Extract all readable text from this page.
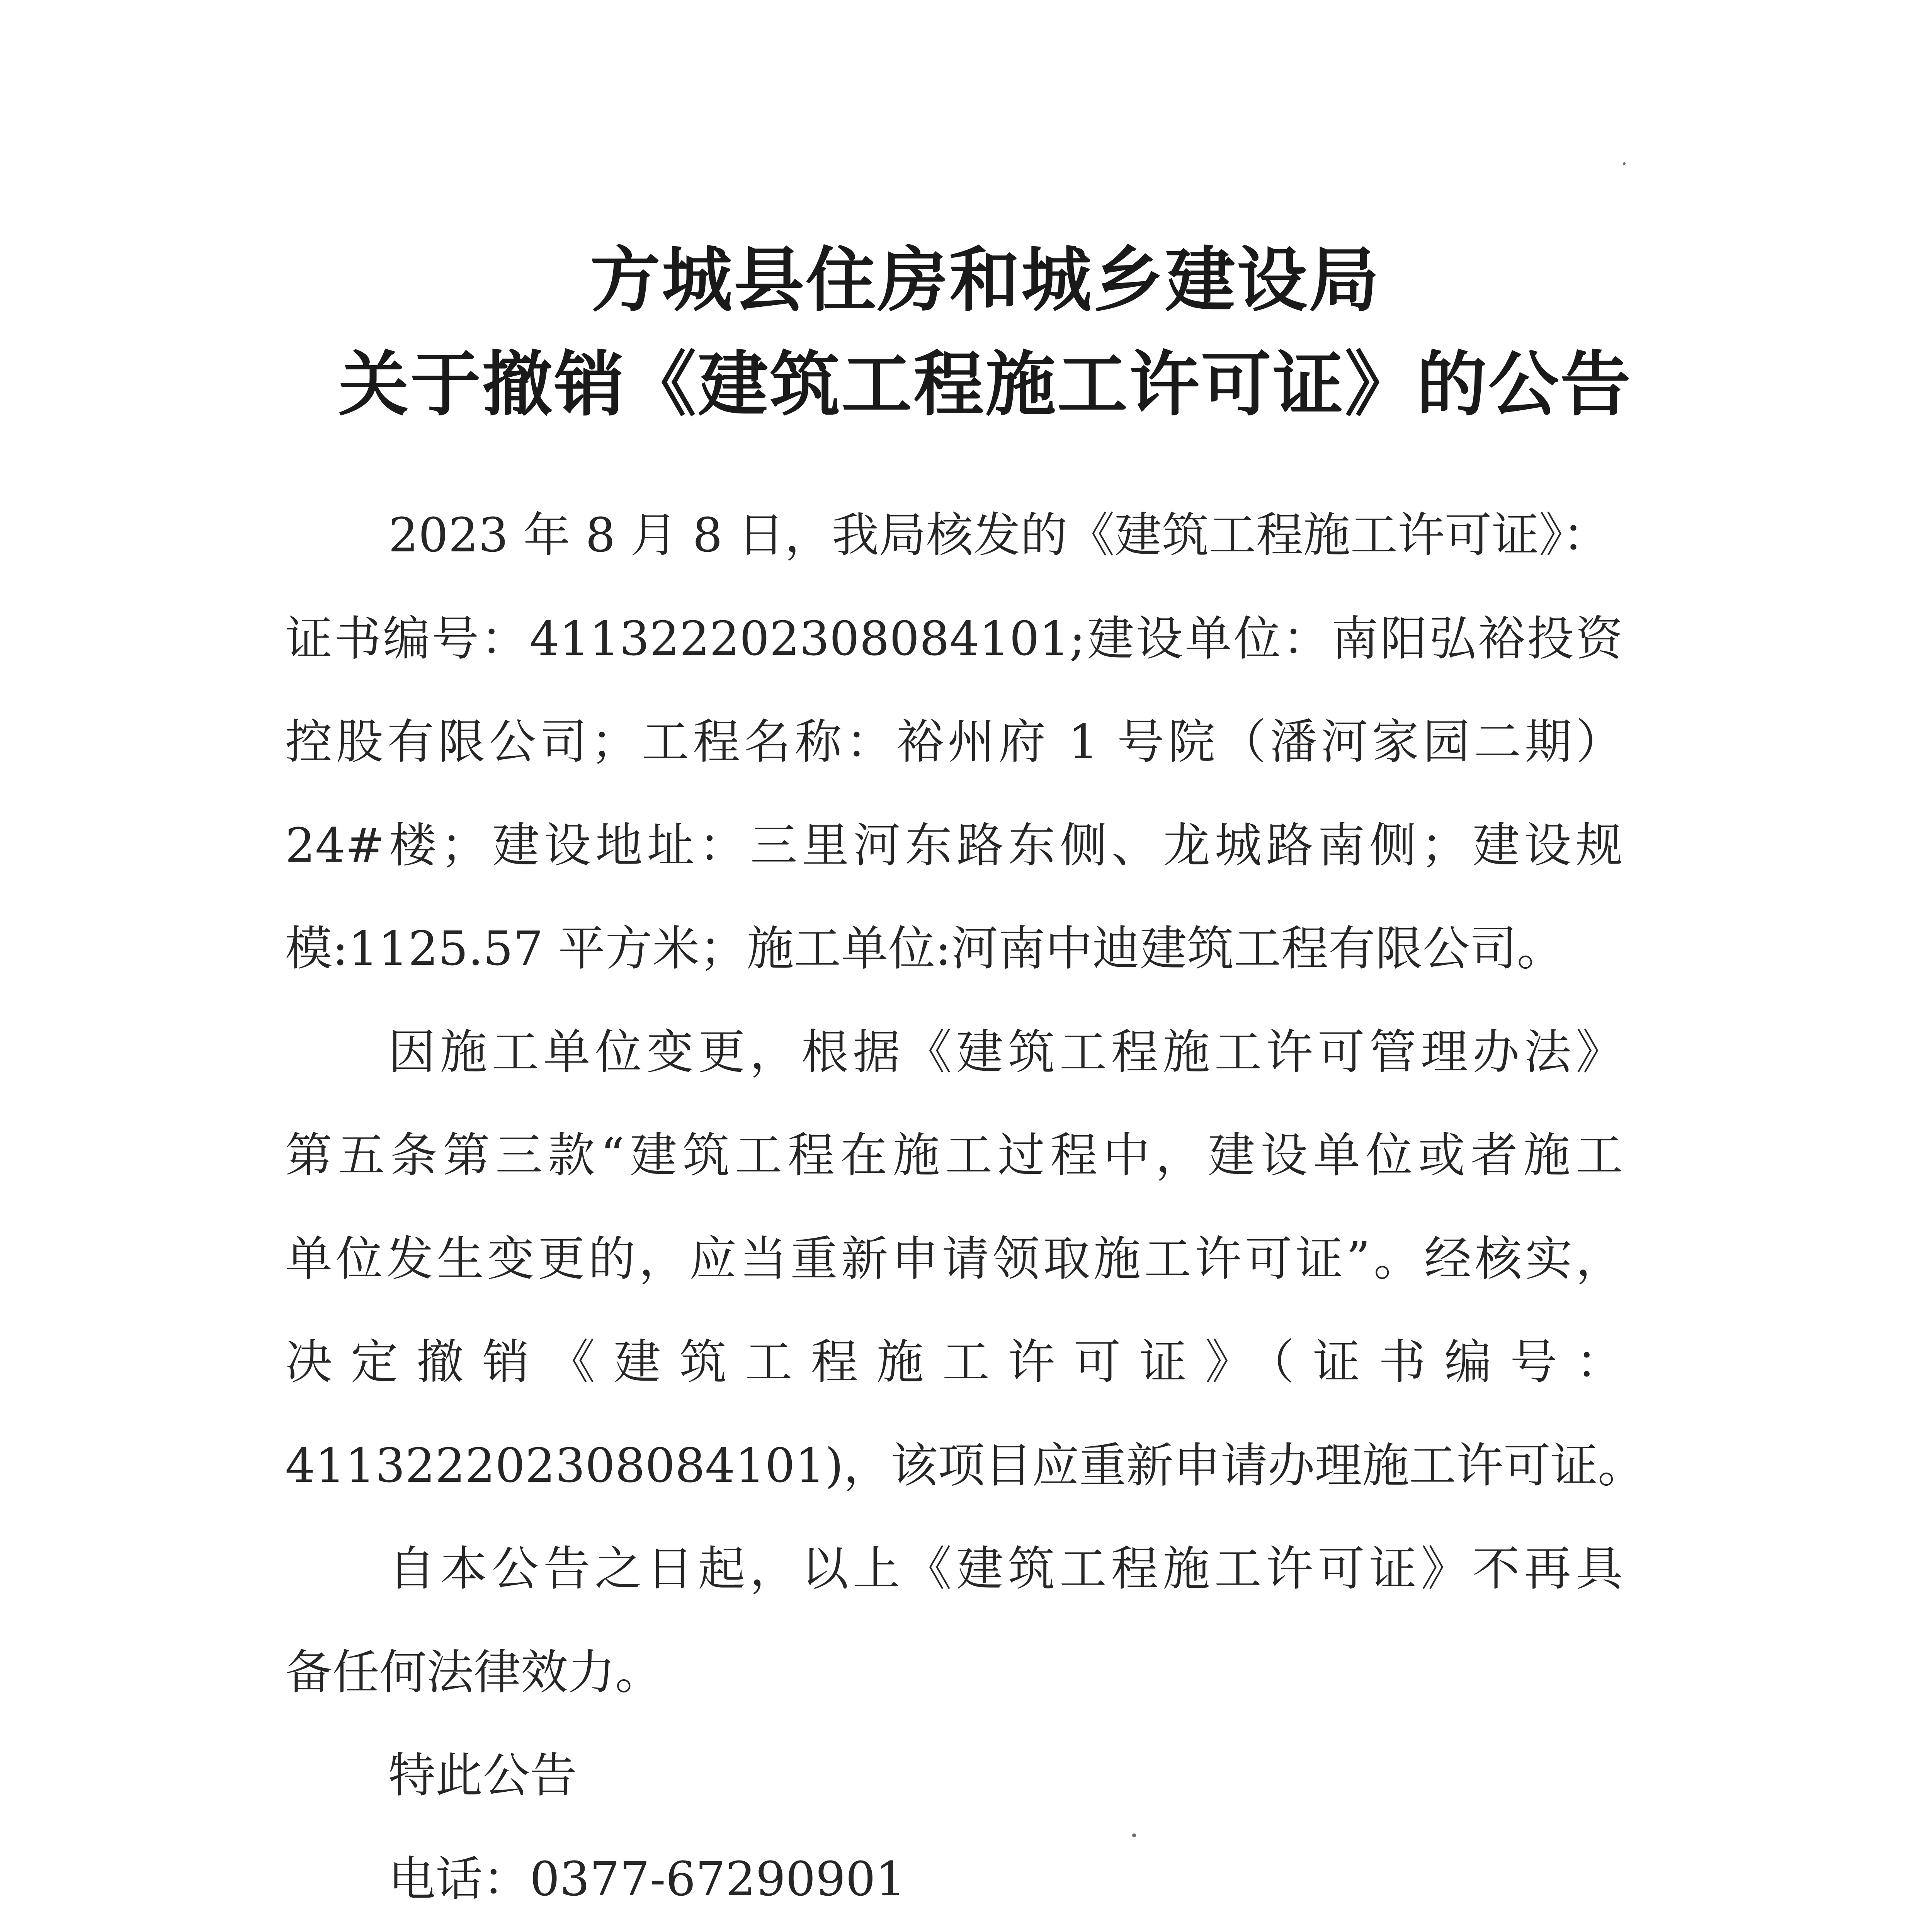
方城县住房和城乡建设局
关于撤销《建筑工程施工许可证》的公告
2023 年 8 月 8 日，我局核发的《建筑工程施工许可证》：
证书编号：411322202308084101;建设单位：南阳弘裕投资
控股有限公司；工程名称：裕州府 1 号院（潘河家园二期）
24#楼；建设地址：三里河东路东侧、龙城路南侧；建设规
模:1125.57 平方米；施工单位:河南中迪建筑工程有限公司。
因施工单位变更，根据《建筑工程施工许可管理办法》
第五条第三款“建筑工程在施工过程中，建设单位或者施工
单位发生变更的，应当重新申请领取施工许可证”。经核实，
决定撤销《建筑工程施工许可证》（证书编号：
411322202308084101)，该项目应重新申请办理施工许可证。
自本公告之日起，以上《建筑工程施工许可证》不再具
备任何法律效力。
特此公告
电话：0377-67290901
